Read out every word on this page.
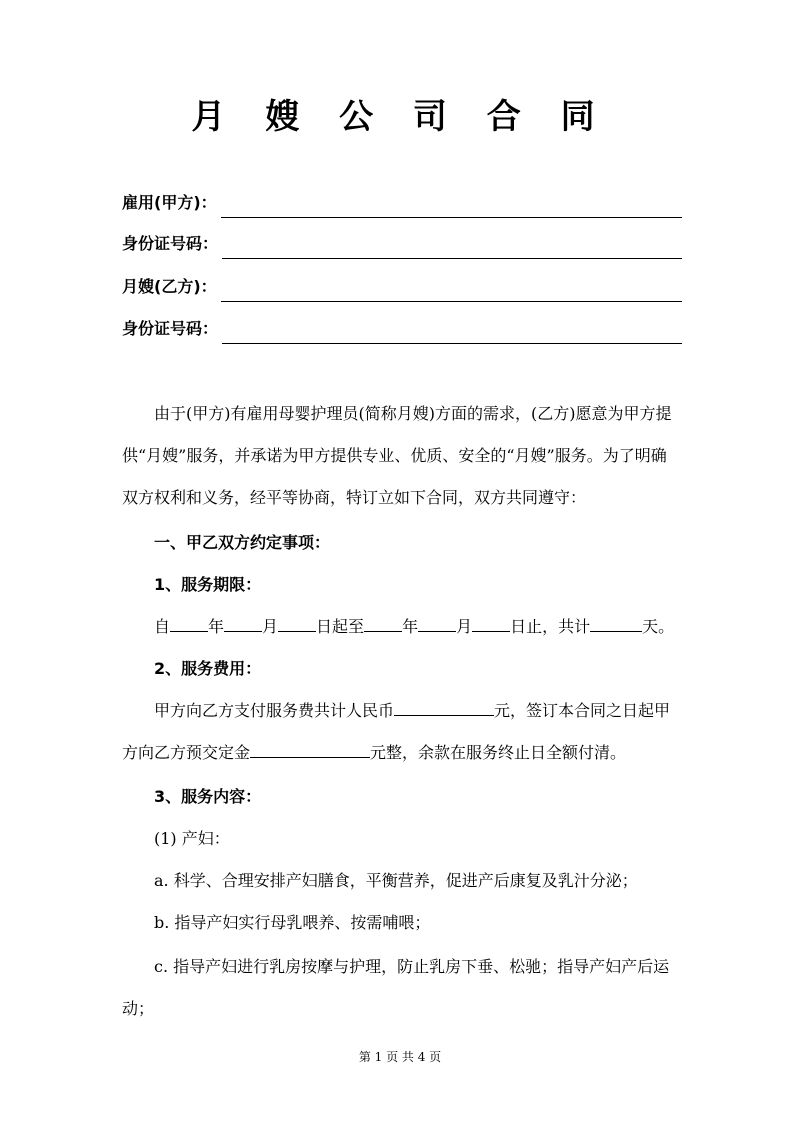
月 嫂 公 司 合 同
雇用(甲方)：
身份证号码：
月嫂(乙方)：
身份证号码：
由于(甲方)有雇用母婴护理员(简称月嫂)方面的需求，(乙方)愿意为甲方提供“月嫂”服务，并承诺为甲方提供专业、优质、安全的“月嫂”服务。为了明确双方权利和义务，经平等协商，特订立如下合同，双方共同遵守：
一、甲乙双方约定事项：
1、服务期限：
自 年 月 日起至 年 月 日止，共计	天。
2、服务费用：
甲方向乙方支付服务费共计人民币	元，签订本合同之日起甲
方向乙方预交定金	元整，余款在服务终止日全额付清。
3、服务内容：
(1) 产妇：
a. 科学、合理安排产妇膳食，平衡营养，促进产后康复及乳汁分泌；
b. 指导产妇实行母乳喂养、按需哺喂；
c. 指导产妇进行乳房按摩与护理，防止乳房下垂、松驰；指导产妇产后运
动；
第 1 页 共 4 页
